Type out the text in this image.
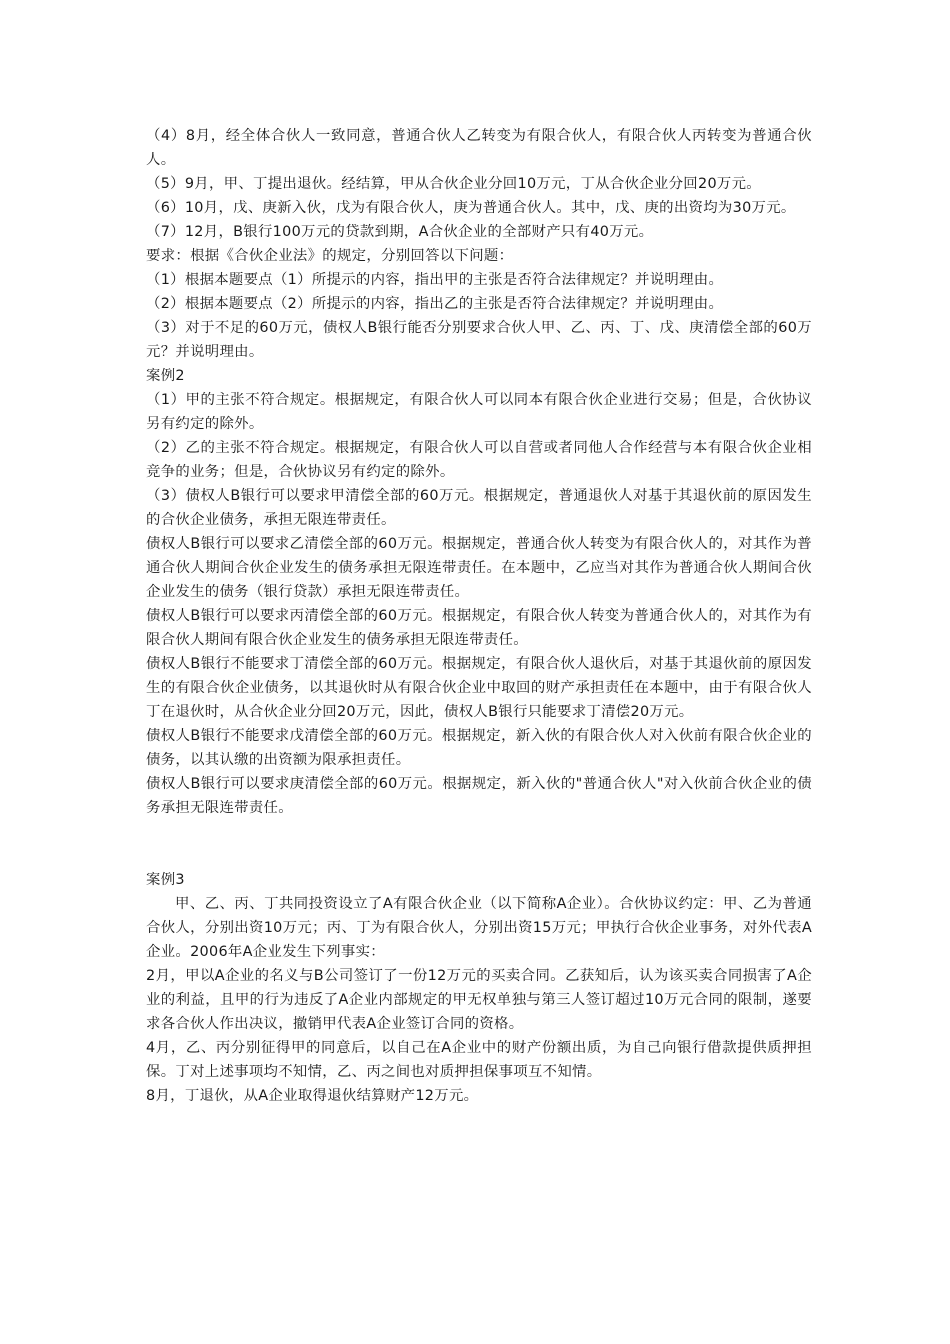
（4）8月，经全体合伙人一致同意，普通合伙人乙转变为有限合伙人，有限合伙人丙转变为普通合伙人。

（5）9月，甲、丁提出退伙。经结算，甲从合伙企业分回10万元，丁从合伙企业分回20万元。

（6）10月，戊、庚新入伙，戊为有限合伙人，庚为普通合伙人。其中，戊、庚的出资均为30万元。

（7）12月，B银行100万元的贷款到期，A合伙企业的全部财产只有40万元。

要求：根据《合伙企业法》的规定，分别回答以下问题：

（1）根据本题要点（1）所提示的内容，指出甲的主张是否符合法律规定？并说明理由。

（2）根据本题要点（2）所提示的内容，指出乙的主张是否符合法律规定？并说明理由。

（3）对于不足的60万元，债权人B银行能否分别要求合伙人甲、乙、丙、丁、戊、庚清偿全部的60万元？并说明理由。

案例2

（1）甲的主张不符合规定。根据规定，有限合伙人可以同本有限合伙企业进行交易；但是，合伙协议另有约定的除外。

（2）乙的主张不符合规定。根据规定，有限合伙人可以自营或者同他人合作经营与本有限合伙企业相竞争的业务；但是，合伙协议另有约定的除外。

（3）债权人B银行可以要求甲清偿全部的60万元。根据规定，普通退伙人对基于其退伙前的原因发生的合伙企业债务，承担无限连带责任。

债权人B银行可以要求乙清偿全部的60万元。根据规定，普通合伙人转变为有限合伙人的，对其作为普通合伙人期间合伙企业发生的债务承担无限连带责任。在本题中，乙应当对其作为普通合伙人期间合伙企业发生的债务（银行贷款）承担无限连带责任。

债权人B银行可以要求丙清偿全部的60万元。根据规定，有限合伙人转变为普通合伙人的，对其作为有限合伙人期间有限合伙企业发生的债务承担无限连带责任。

债权人B银行不能要求丁清偿全部的60万元。根据规定，有限合伙人退伙后，对基于其退伙前的原因发生的有限合伙企业债务，以其退伙时从有限合伙企业中取回的财产承担责任在本题中，由于有限合伙人丁在退伙时，从合伙企业分回20万元，因此，债权人B银行只能要求丁清偿20万元。

债权人B银行不能要求戊清偿全部的60万元。根据规定，新入伙的有限合伙人对入伙前有限合伙企业的债务，以其认缴的出资额为限承担责任。

债权人B银行可以要求庚清偿全部的60万元。根据规定，新入伙的"普通合伙人"对入伙前合伙企业的债务承担无限连带责任。

案例3

甲、乙、丙、丁共同投资设立了A有限合伙企业（以下简称A企业）。合伙协议约定：甲、乙为普通合伙人，分别出资10万元；丙、丁为有限合伙人，分别出资15万元；甲执行合伙企业事务，对外代表A企业。2006年A企业发生下列事实：

2月，甲以A企业的名义与B公司签订了一份12万元的买卖合同。乙获知后，认为该买卖合同损害了A企业的利益，且甲的行为违反了A企业内部规定的甲无权单独与第三人签订超过10万元合同的限制，遂要求各合伙人作出决议，撤销甲代表A企业签订合同的资格。

4月，乙、丙分别征得甲的同意后，以自己在A企业中的财产份额出质，为自己向银行借款提供质押担保。丁对上述事项均不知情，乙、丙之间也对质押担保事项互不知情。

8月，丁退伙，从A企业取得退伙结算财产12万元。
